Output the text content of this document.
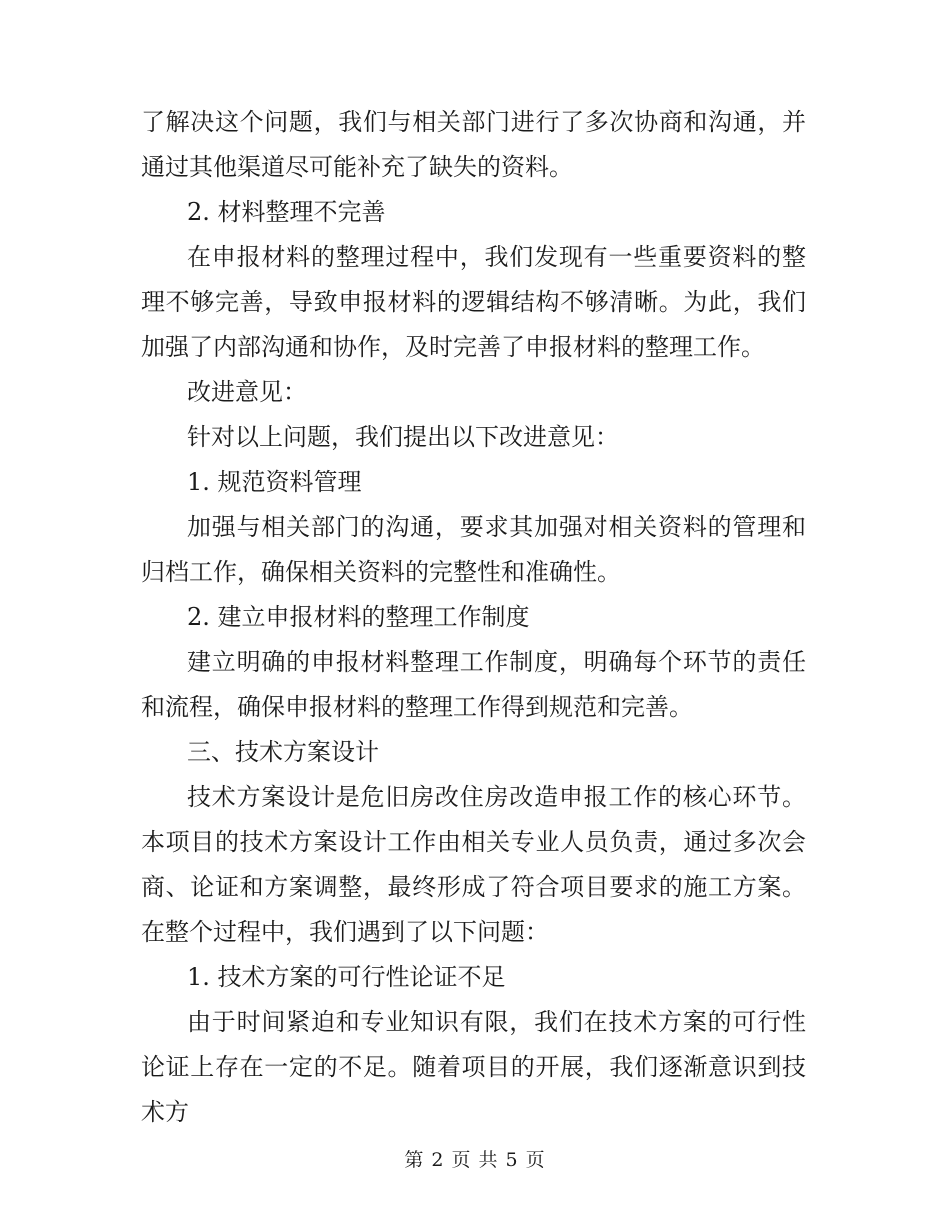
了解决这个问题，我们与相关部门进行了多次协商和沟通，并通过其他渠道尽可能补充了缺失的资料。

2. 材料整理不完善

在申报材料的整理过程中，我们发现有一些重要资料的整理不够完善，导致申报材料的逻辑结构不够清晰。为此，我们加强了内部沟通和协作，及时完善了申报材料的整理工作。

改进意见：

针对以上问题，我们提出以下改进意见：

1. 规范资料管理

加强与相关部门的沟通，要求其加强对相关资料的管理和归档工作，确保相关资料的完整性和准确性。

2. 建立申报材料的整理工作制度

建立明确的申报材料整理工作制度，明确每个环节的责任和流程，确保申报材料的整理工作得到规范和完善。

三、技术方案设计

技术方案设计是危旧房改住房改造申报工作的核心环节。本项目的技术方案设计工作由相关专业人员负责，通过多次会商、论证和方案调整，最终形成了符合项目要求的施工方案。在整个过程中，我们遇到了以下问题：

1. 技术方案的可行性论证不足

由于时间紧迫和专业知识有限，我们在技术方案的可行性论证上存在一定的不足。随着项目的开展，我们逐渐意识到技术方

第 2 页 共 5 页
